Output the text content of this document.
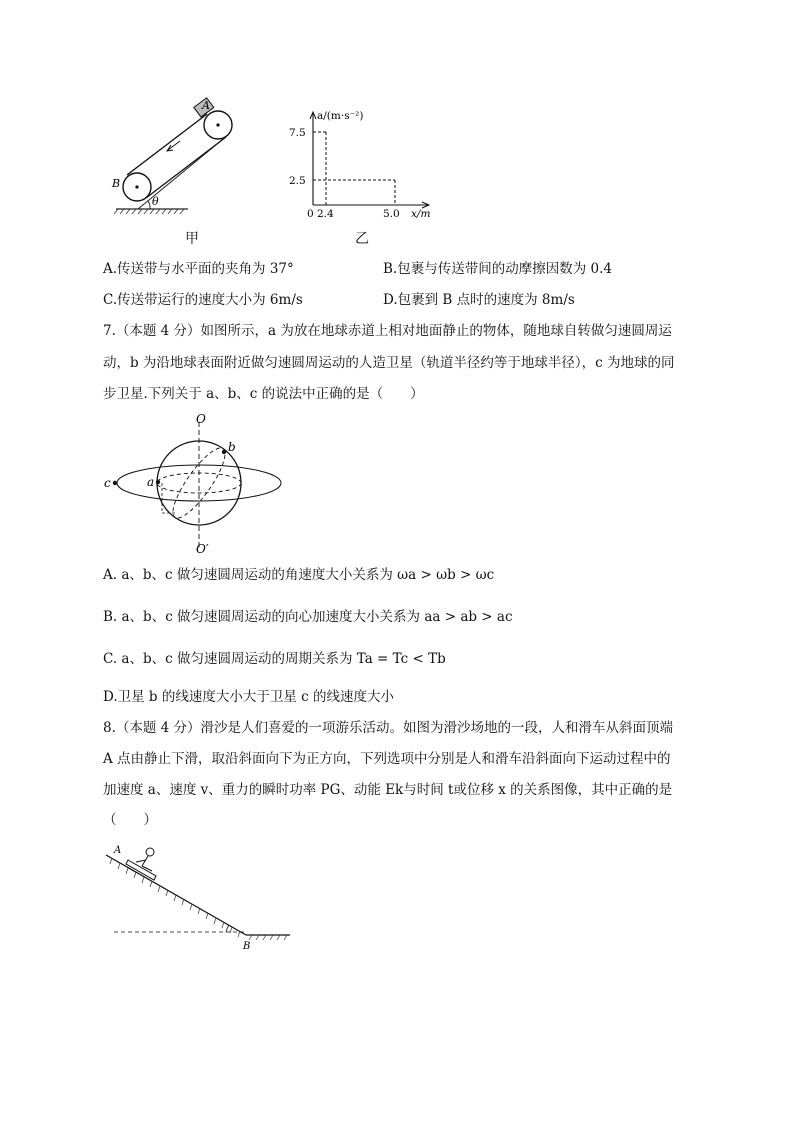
A
B
θ
甲
a/(m·s⁻²)
7.5
2.5
0 2.4	5.0 x/m
乙
A.传送带与水平面的夹角为 37°	B.包裹与传送带间的动摩擦因数为 0.4
C.传送带运行的速度大小为 6m/s	D.包裹到 B 点时的速度为 8m/s
7.（本题 4 分）如图所示，a 为放在地球赤道上相对地面静止的物体，随地球自转做匀速圆周运
动，b 为沿地球表面附近做匀速圆周运动的人造卫星（轨道半径约等于地球半径），c 为地球的同
步卫星.下列关于 a、b、c 的说法中正确的是（　　）
O
O′
b
a
c
A. a、b、c 做匀速圆周运动的角速度大小关系为 ωa > ωb > ωc
B. a、b、c 做匀速圆周运动的向心加速度大小关系为 aa > ab > ac
C. a、b、c 做匀速圆周运动的周期关系为 Ta = Tc < Tb
D.卫星 b 的线速度大小大于卫星 c 的线速度大小
8.（本题 4 分）滑沙是人们喜爱的一项游乐活动。如图为滑沙场地的一段，人和滑车从斜面顶端
A 点由静止下滑，取沿斜面向下为正方向，下列选项中分别是人和滑车沿斜面向下运动过程中的
加速度 a、速度 v、重力的瞬时功率 PG、动能 Ek与时间 t或位移 x 的关系图像，其中正确的是
（　　）
A
B
